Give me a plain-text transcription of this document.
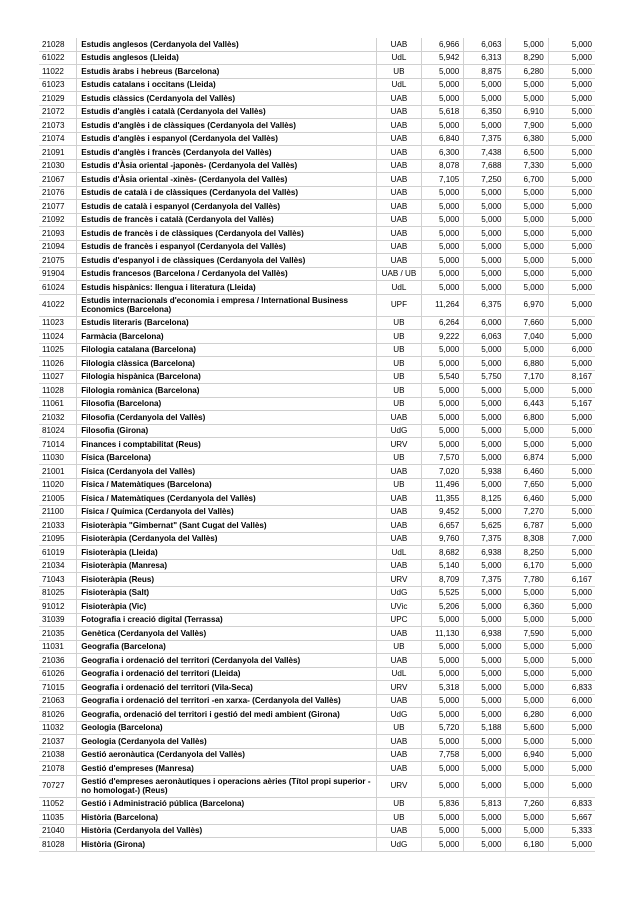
21028	Estudis anglesos (Cerdanyola del Vallès)	UAB	6,966	6,063	5,000	5,000
61022	Estudis anglesos (Lleida)	UdL	5,942	6,313	8,290	5,000
11022	Estudis àrabs i hebreus (Barcelona)	UB	5,000	8,875	6,280	5,000
61023	Estudis catalans i occitans (Lleida)	UdL	5,000	5,000	5,000	5,000
21029	Estudis clàssics (Cerdanyola del Vallès)	UAB	5,000	5,000	5,000	5,000
21072	Estudis d'anglès i català (Cerdanyola del Vallès)	UAB	5,618	6,350	6,910	5,000
21073	Estudis d'anglès i de clàssiques (Cerdanyola del Vallès)	UAB	5,000	5,000	7,900	5,000
21074	Estudis d'anglès i espanyol (Cerdanyola del Vallès)	UAB	6,840	7,375	6,380	5,000
21091	Estudis d'anglès i francès (Cerdanyola del Vallès)	UAB	6,300	7,438	6,500	5,000
21030	Estudis d'Àsia oriental -japonès- (Cerdanyola del Vallès)	UAB	8,078	7,688	7,330	5,000
21067	Estudis d'Àsia oriental -xinès- (Cerdanyola del Vallès)	UAB	7,105	7,250	6,700	5,000
21076	Estudis de català i de clàssiques (Cerdanyola del Vallès)	UAB	5,000	5,000	5,000	5,000
21077	Estudis de català i espanyol (Cerdanyola del Vallès)	UAB	5,000	5,000	5,000	5,000
21092	Estudis de francès i català (Cerdanyola del Vallès)	UAB	5,000	5,000	5,000	5,000
21093	Estudis de francès i de clàssiques (Cerdanyola del Vallès)	UAB	5,000	5,000	5,000	5,000
21094	Estudis de francès i espanyol (Cerdanyola del Vallès)	UAB	5,000	5,000	5,000	5,000
21075	Estudis d'espanyol i de clàssiques (Cerdanyola del Vallès)	UAB	5,000	5,000	5,000	5,000
91904	Estudis francesos (Barcelona / Cerdanyola del Vallès)	UAB / UB	5,000	5,000	5,000	5,000
61024	Estudis hispànics: llengua i literatura (Lleida)	UdL	5,000	5,000	5,000	5,000
41022	Estudis internacionals d'economia i empresa / International Business Economics (Barcelona)	UPF	11,264	6,375	6,970	5,000
11023	Estudis literaris (Barcelona)	UB	6,264	6,000	7,660	5,000
11024	Farmàcia (Barcelona)	UB	9,222	6,063	7,040	5,000
11025	Filologia catalana (Barcelona)	UB	5,000	5,000	5,000	6,000
11026	Filologia clàssica (Barcelona)	UB	5,000	5,000	6,880	5,000
11027	Filologia hispànica (Barcelona)	UB	5,540	5,750	7,170	8,167
11028	Filologia romànica (Barcelona)	UB	5,000	5,000	5,000	5,000
11061	Filosofia (Barcelona)	UB	5,000	5,000	6,443	5,167
21032	Filosofia (Cerdanyola del Vallès)	UAB	5,000	5,000	6,800	5,000
81024	Filosofia (Girona)	UdG	5,000	5,000	5,000	5,000
71014	Finances i comptabilitat (Reus)	URV	5,000	5,000	5,000	5,000
11030	Física (Barcelona)	UB	7,570	5,000	6,874	5,000
21001	Física (Cerdanyola del Vallès)	UAB	7,020	5,938	6,460	5,000
11020	Física / Matemàtiques (Barcelona)	UB	11,496	5,000	7,650	5,000
21005	Física / Matemàtiques (Cerdanyola del Vallès)	UAB	11,355	8,125	6,460	5,000
21100	Física / Química (Cerdanyola del Vallès)	UAB	9,452	5,000	7,270	5,000
21033	Fisioteràpia "Gimbernat" (Sant Cugat del Vallès)	UAB	6,657	5,625	6,787	5,000
21095	Fisioteràpia (Cerdanyola del Vallès)	UAB	9,760	7,375	8,308	7,000
61019	Fisioteràpia (Lleida)	UdL	8,682	6,938	8,250	5,000
21034	Fisioteràpia (Manresa)	UAB	5,140	5,000	6,170	5,000
71043	Fisioteràpia (Reus)	URV	8,709	7,375	7,780	6,167
81025	Fisioteràpia (Salt)	UdG	5,525	5,000	5,000	5,000
91012	Fisioteràpia (Vic)	UVic	5,206	5,000	6,360	5,000
31039	Fotografia i creació digital (Terrassa)	UPC	5,000	5,000	5,000	5,000
21035	Genètica (Cerdanyola del Vallès)	UAB	11,130	6,938	7,590	5,000
11031	Geografia (Barcelona)	UB	5,000	5,000	5,000	5,000
21036	Geografia i ordenació del territori (Cerdanyola del Vallès)	UAB	5,000	5,000	5,000	5,000
61026	Geografia i ordenació del territori (Lleida)	UdL	5,000	5,000	5,000	5,000
71015	Geografia i ordenació del territori (Vila-Seca)	URV	5,318	5,000	5,000	6,833
21063	Geografia i ordenació del territori -en xarxa- (Cerdanyola del Vallès)	UAB	5,000	5,000	5,000	6,000
81026	Geografia, ordenació del territori i gestió del medi ambient (Girona)	UdG	5,000	5,000	6,280	6,000
11032	Geologia (Barcelona)	UB	5,720	5,188	5,600	5,000
21037	Geologia (Cerdanyola del Vallès)	UAB	5,000	5,000	5,000	5,000
21038	Gestió aeronàutica (Cerdanyola del Vallès)	UAB	7,758	5,000	6,940	5,000
21078	Gestió d'empreses (Manresa)	UAB	5,000	5,000	5,000	5,000
70727	Gestió d'empreses aeronàutiques i operacions aèries (Títol propi superior -no homologat-) (Reus)	URV	5,000	5,000	5,000	5,000
11052	Gestió i Administració pública (Barcelona)	UB	5,836	5,813	7,260	6,833
11035	Història (Barcelona)	UB	5,000	5,000	5,000	5,667
21040	Història (Cerdanyola del Vallès)	UAB	5,000	5,000	5,000	5,333
81028	Història (Girona)	UdG	5,000	5,000	6,180	5,000
